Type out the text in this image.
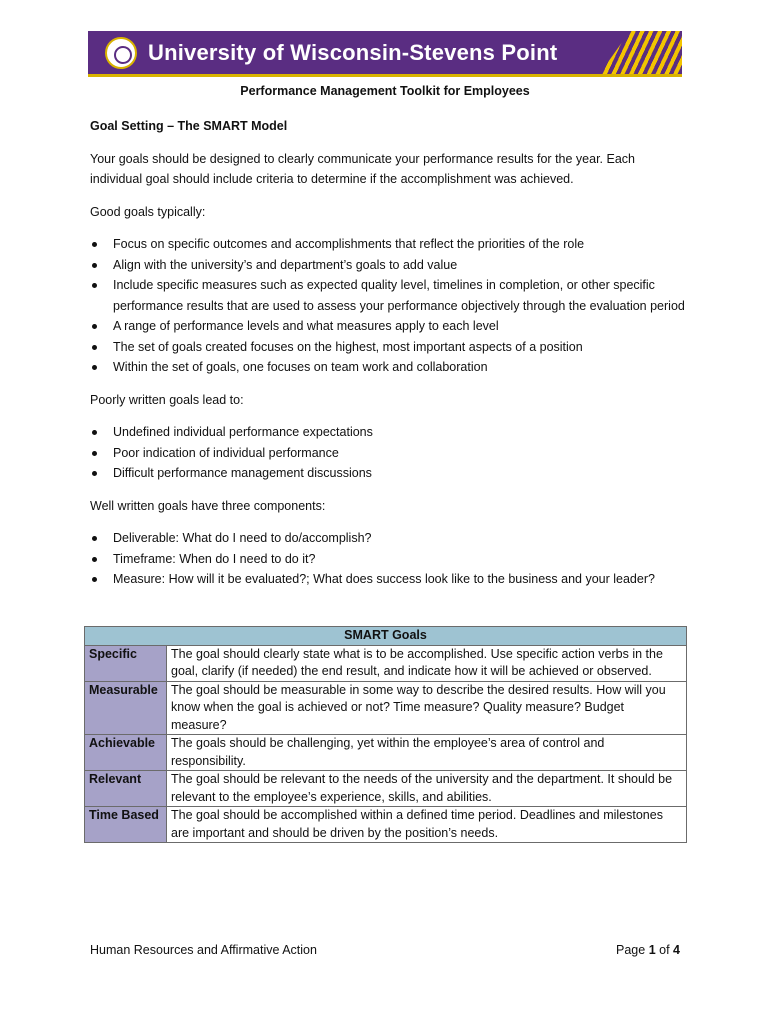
University of Wisconsin-Stevens Point
Performance Management Toolkit for Employees
Goal Setting – The SMART Model

Your goals should be designed to clearly communicate your performance results for the year. Each individual goal should include criteria to determine if the accomplishment was achieved.

Good goals typically:

Focus on specific outcomes and accomplishments that reflect the priorities of the role
Align with the university’s and department’s goals to add value
Include specific measures such as expected quality level, timelines in completion, or other specific performance results that are used to assess your performance objectively through the evaluation period
A range of performance levels and what measures apply to each level
The set of goals created focuses on the highest, most important aspects of a position
Within the set of goals, one focuses on team work and collaboration

Poorly written goals lead to:

Undefined individual performance expectations
Poor indication of individual performance
Difficult performance management discussions

Well written goals have three components:

Deliverable: What do I need to do/accomplish?
Timeframe: When do I need to do it?
Measure: How will it be evaluated?; What does success look like to the business and your leader?
SMART Goals	
Specific	The goal should clearly state what is to be accomplished. Use specific action verbs in the goal, clarify (if needed) the end result, and indicate how it will be achieved or observed.
Measurable	The goal should be measurable in some way to describe the desired results. How will you know when the goal is achieved or not? Time measure? Quality measure? Budget measure?
Achievable	The goals should be challenging, yet within the employee’s area of control and responsibility.
Relevant	The goal should be relevant to the needs of the university and the department. It should be relevant to the employee’s experience, skills, and abilities.
Time Based	The goal should be accomplished within a defined time period. Deadlines and milestones are important and should be driven by the position’s needs.
Human Resources and Affirmative Action	Page 1 of 4
